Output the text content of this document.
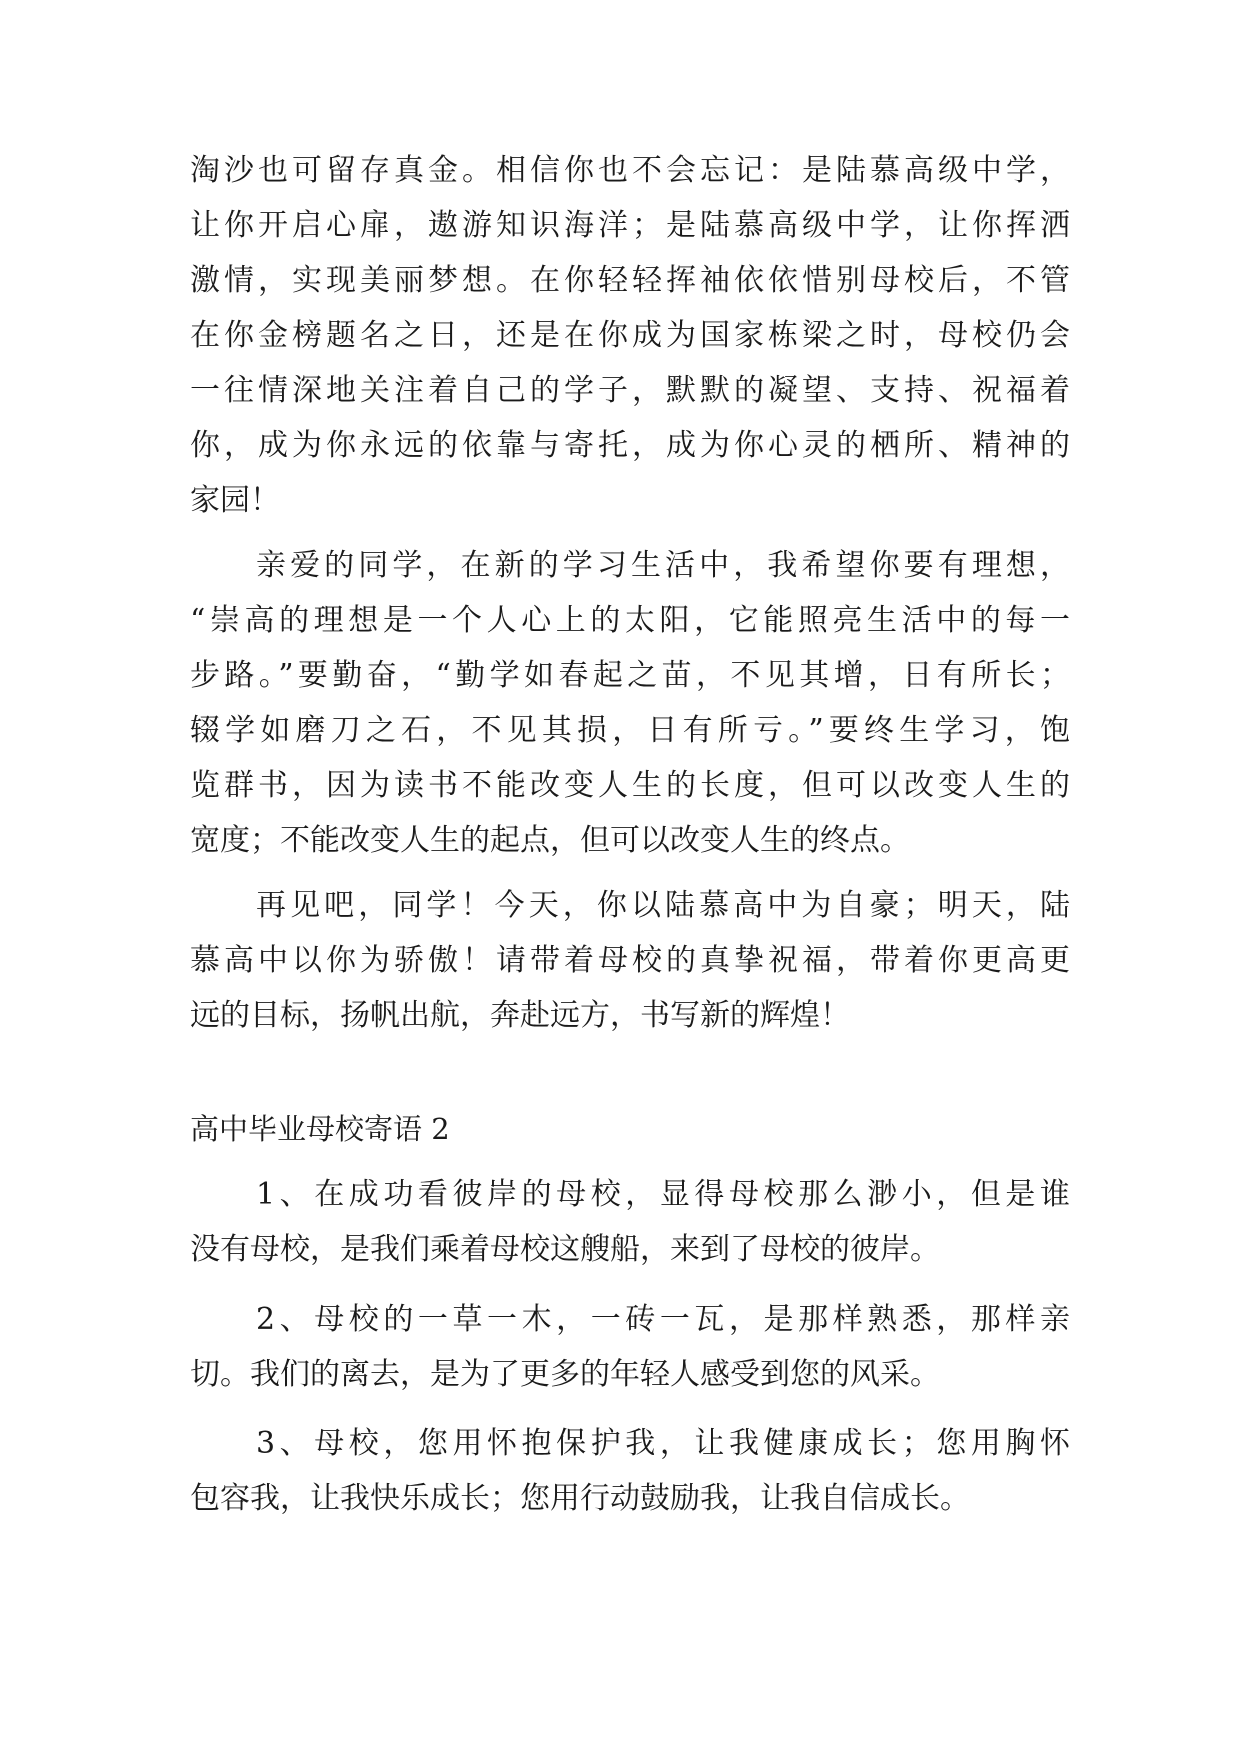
淘沙也可留存真金。相信你也不会忘记：是陆慕高级中学，
让你开启心扉，遨游知识海洋；是陆慕高级中学，让你挥洒
激情，实现美丽梦想。在你轻轻挥袖依依惜别母校后，不管
在你金榜题名之日，还是在你成为国家栋梁之时，母校仍会
一往情深地关注着自己的学子，默默的凝望、支持、祝福着
你，成为你永远的依靠与寄托，成为你心灵的栖所、精神的
家园！
亲爱的同学，在新的学习生活中，我希望你要有理想，
“崇高的理想是一个人心上的太阳，它能照亮生活中的每一
步路。”要勤奋，“勤学如春起之苗，不见其增，日有所长；
辍学如磨刀之石，不见其损，日有所亏。”要终生学习，饱
览群书，因为读书不能改变人生的长度，但可以改变人生的
宽度；不能改变人生的起点，但可以改变人生的终点。
再见吧，同学！今天，你以陆慕高中为自豪；明天，陆
慕高中以你为骄傲！请带着母校的真挚祝福，带着你更高更
远的目标，扬帆出航，奔赴远方，书写新的辉煌！
高中毕业母校寄语 2
1、在成功看彼岸的母校，显得母校那么渺小，但是谁
没有母校，是我们乘着母校这艘船，来到了母校的彼岸。
2、母校的一草一木，一砖一瓦，是那样熟悉，那样亲
切。我们的离去，是为了更多的年轻人感受到您的风采。
3、母校，您用怀抱保护我，让我健康成长；您用胸怀
包容我，让我快乐成长；您用行动鼓励我，让我自信成长。
